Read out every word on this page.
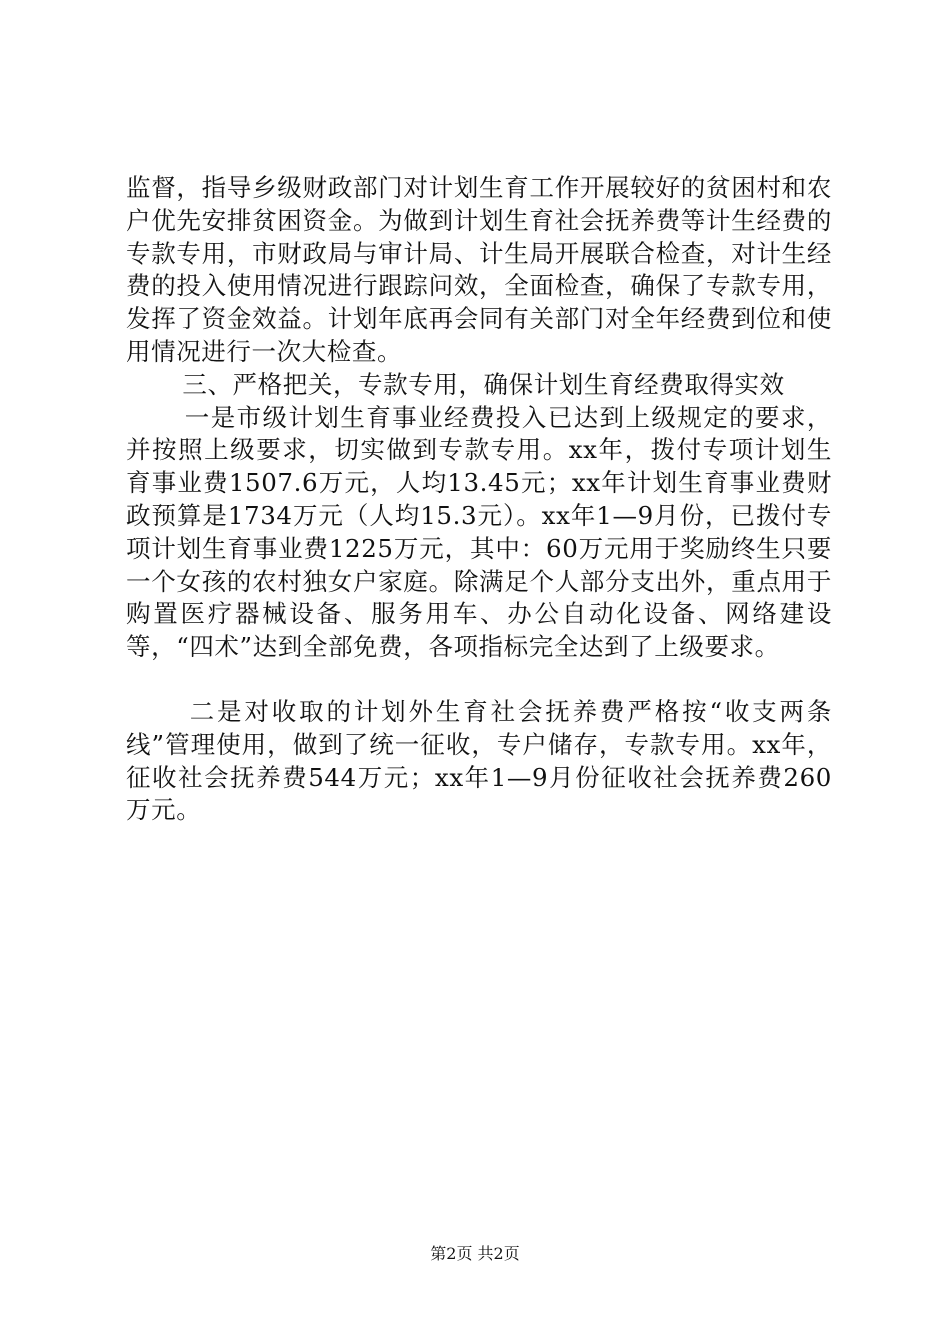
监督，指导乡级财政部门对计划生育工作开展较好的贫困村和农户优先安排贫困资金。为做到计划生育社会抚养费等计生经费的专款专用，市财政局与审计局、计生局开展联合检查，对计生经费的投入使用情况进行跟踪问效，全面检查，确保了专款专用，发挥了资金效益。计划年底再会同有关部门对全年经费到位和使用情况进行一次大检查。

三、严格把关，专款专用，确保计划生育经费取得实效

一是市级计划生育事业经费投入已达到上级规定的要求，并按照上级要求，切实做到专款专用。xx年，拨付专项计划生育事业费1507.6万元，人均13.45元；xx年计划生育事业费财政预算是1734万元（人均15.3元）。xx年1—9月份，已拨付专项计划生育事业费1225万元，其中：60万元用于奖励终生只要一个女孩的农村独女户家庭。除满足个人部分支出外，重点用于购置医疗器械设备、服务用车、办公自动化设备、网络建设等，“四术”达到全部免费，各项指标完全达到了上级要求。

二是对收取的计划外生育社会抚养费严格按“收支两条线”管理使用，做到了统一征收，专户储存，专款专用。xx年，征收社会抚养费544万元；xx年1—9月份征收社会抚养费260万元。

第2页 共2页
